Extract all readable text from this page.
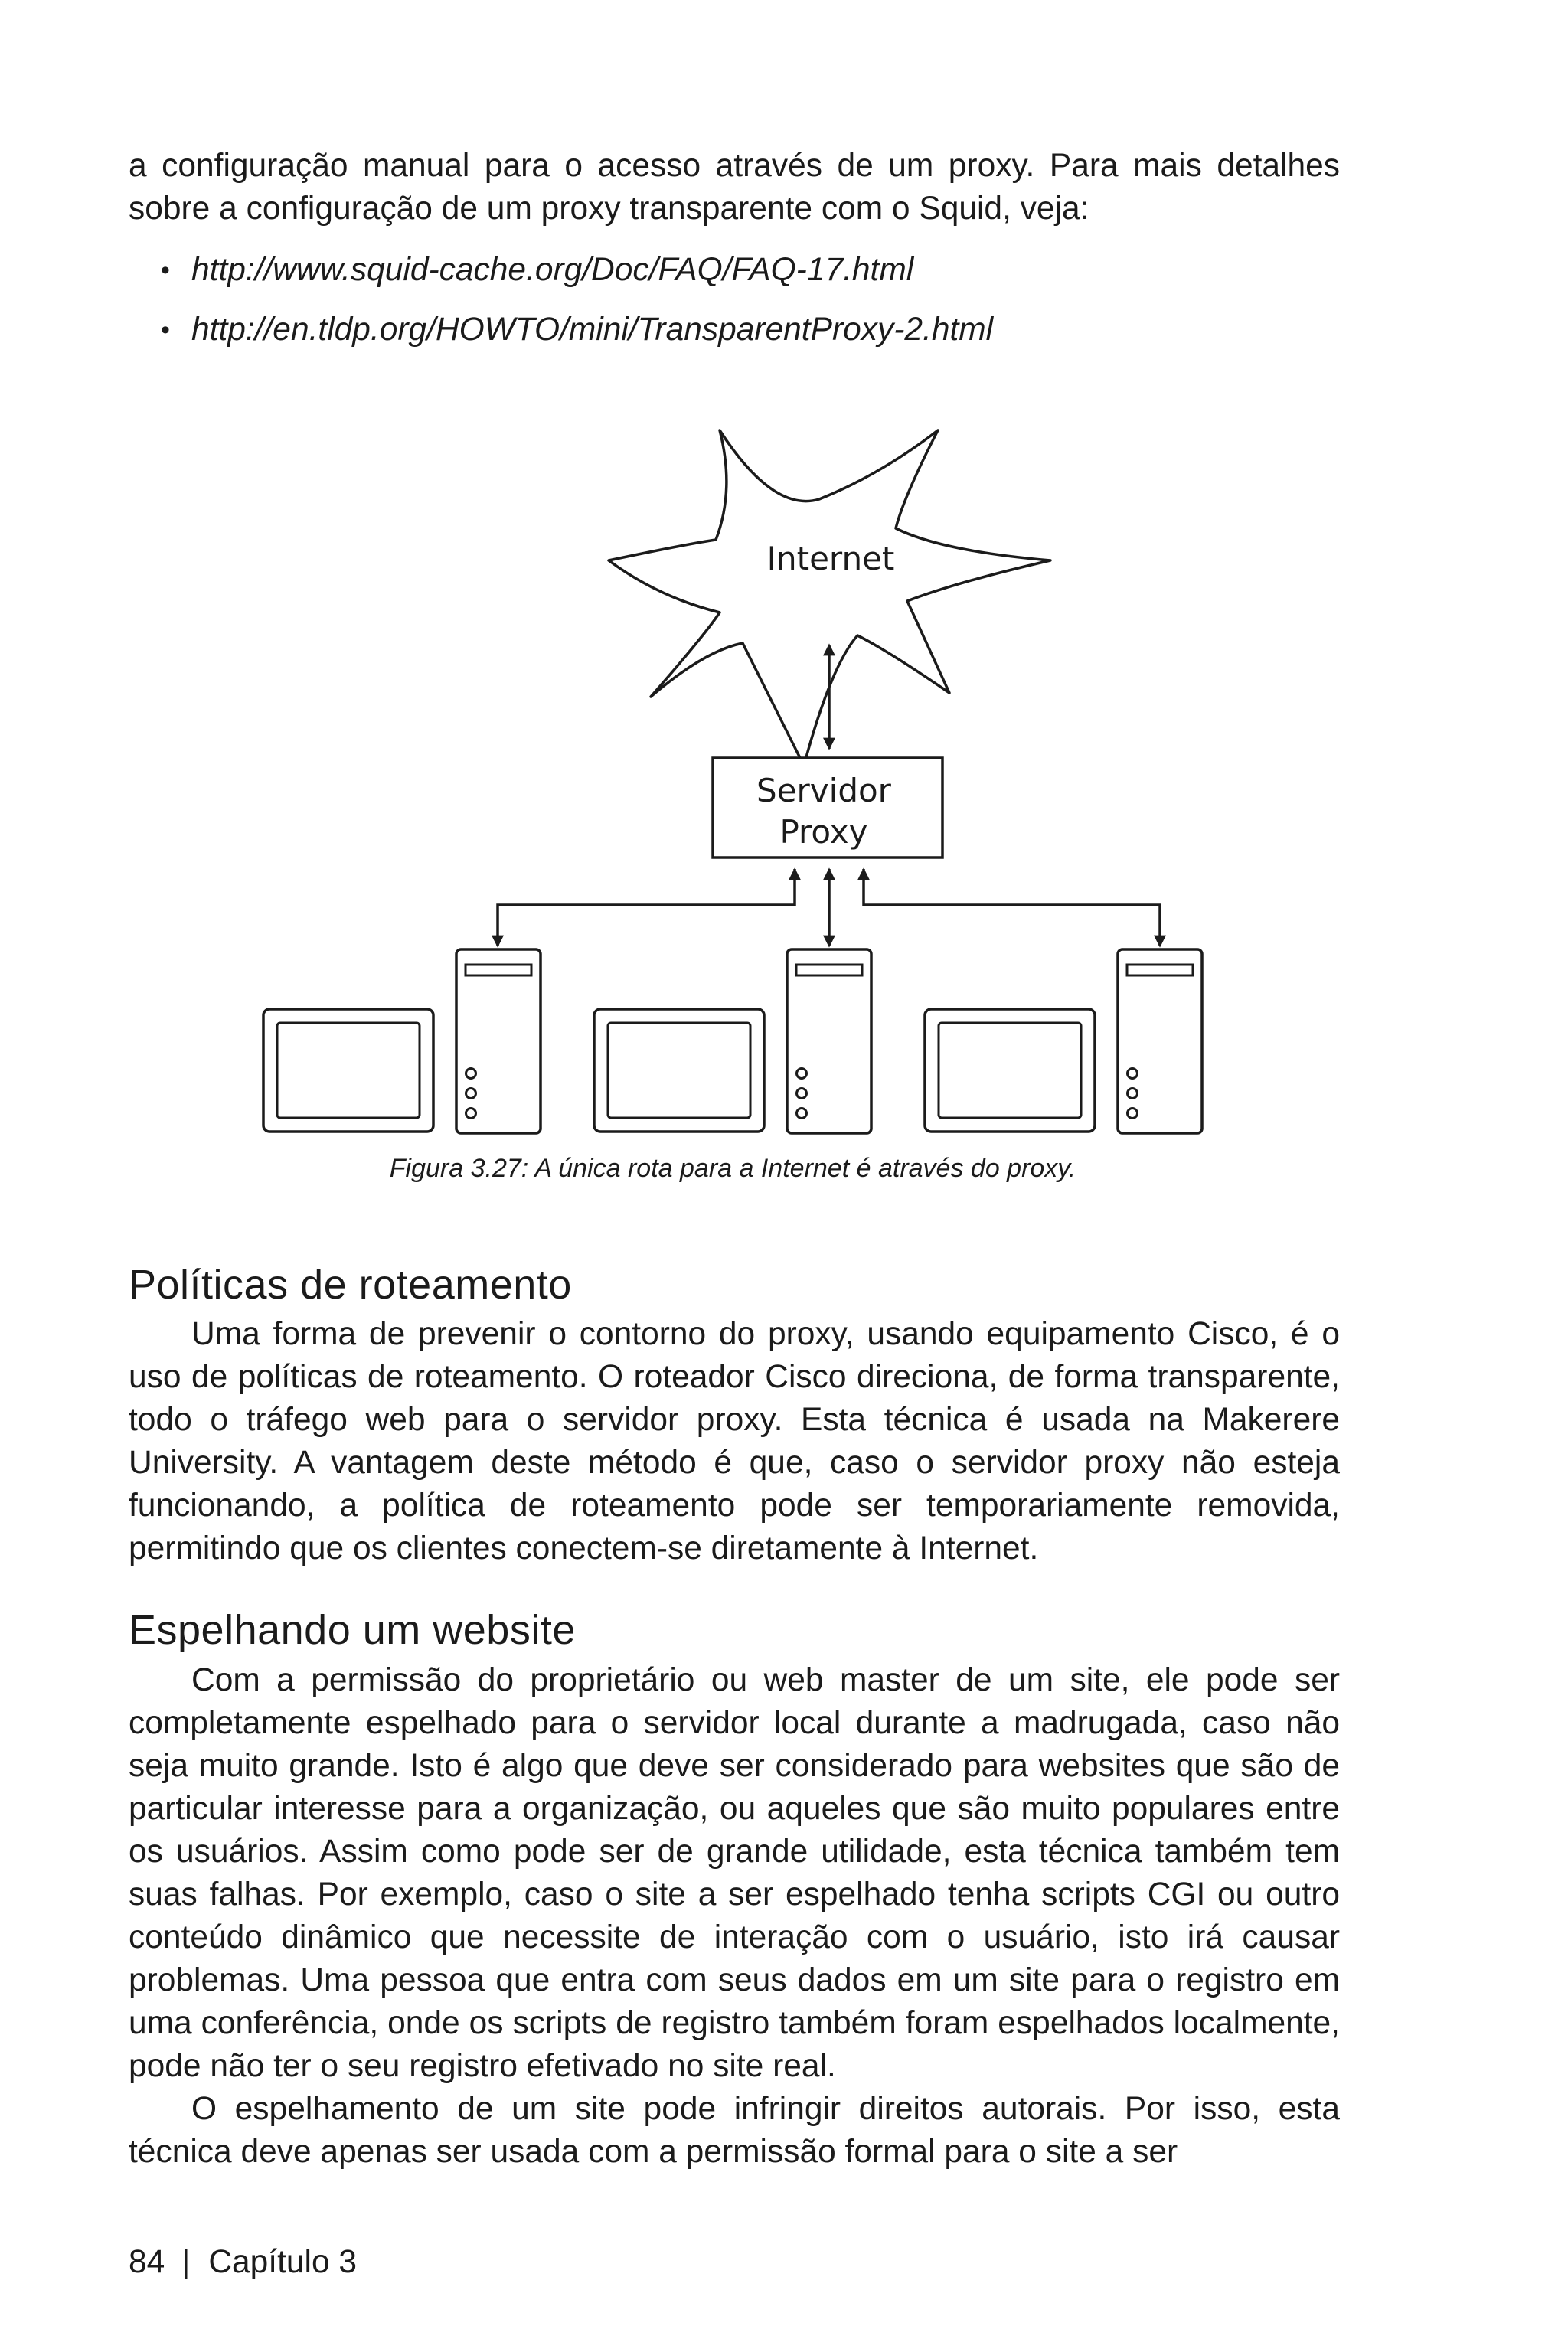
a configuração manual para o acesso através de um proxy. Para mais detalhes sobre a configuração de um proxy transparente com o Squid, veja:

• http://www.squid-cache.org/Doc/FAQ/FAQ-17.html
• http://en.tldp.org/HOWTO/mini/TransparentProxy-2.html
Internet
Servidor
Proxy
Figura 3.27: A única rota para a Internet é através do proxy.
Políticas de roteamento

Uma forma de prevenir o contorno do proxy, usando equipamento Cisco, é o uso de políticas de roteamento. O roteador Cisco direciona, de forma transparente, todo o tráfego web para o servidor proxy. Esta técnica é usada na Makerere University. A vantagem deste método é que, caso o servidor proxy não esteja funcionando, a política de roteamento pode ser temporariamente removida, permitindo que os clientes conectem-se diretamente à Internet.

Espelhando um website

Com a permissão do proprietário ou web master de um site, ele pode ser completamente espelhado para o servidor local durante a madrugada, caso não seja muito grande. Isto é algo que deve ser considerado para websites que são de particular interesse para a organização, ou aqueles que são muito populares entre os usuários. Assim como pode ser de grande utilidade, esta técnica também tem suas falhas. Por exemplo, caso o site a ser espelhado tenha scripts CGI ou outro conteúdo dinâmico que necessite de interação com o usuário, isto irá causar problemas. Uma pessoa que entra com seus dados em um site para o registro em uma conferência, onde os scripts de registro também foram espelhados localmente, pode não ter o seu registro efetivado no site real.

O espelhamento de um site pode infringir direitos autorais. Por isso, esta técnica deve apenas ser usada com a permissão formal para o site a ser

84 | Capítulo 3
